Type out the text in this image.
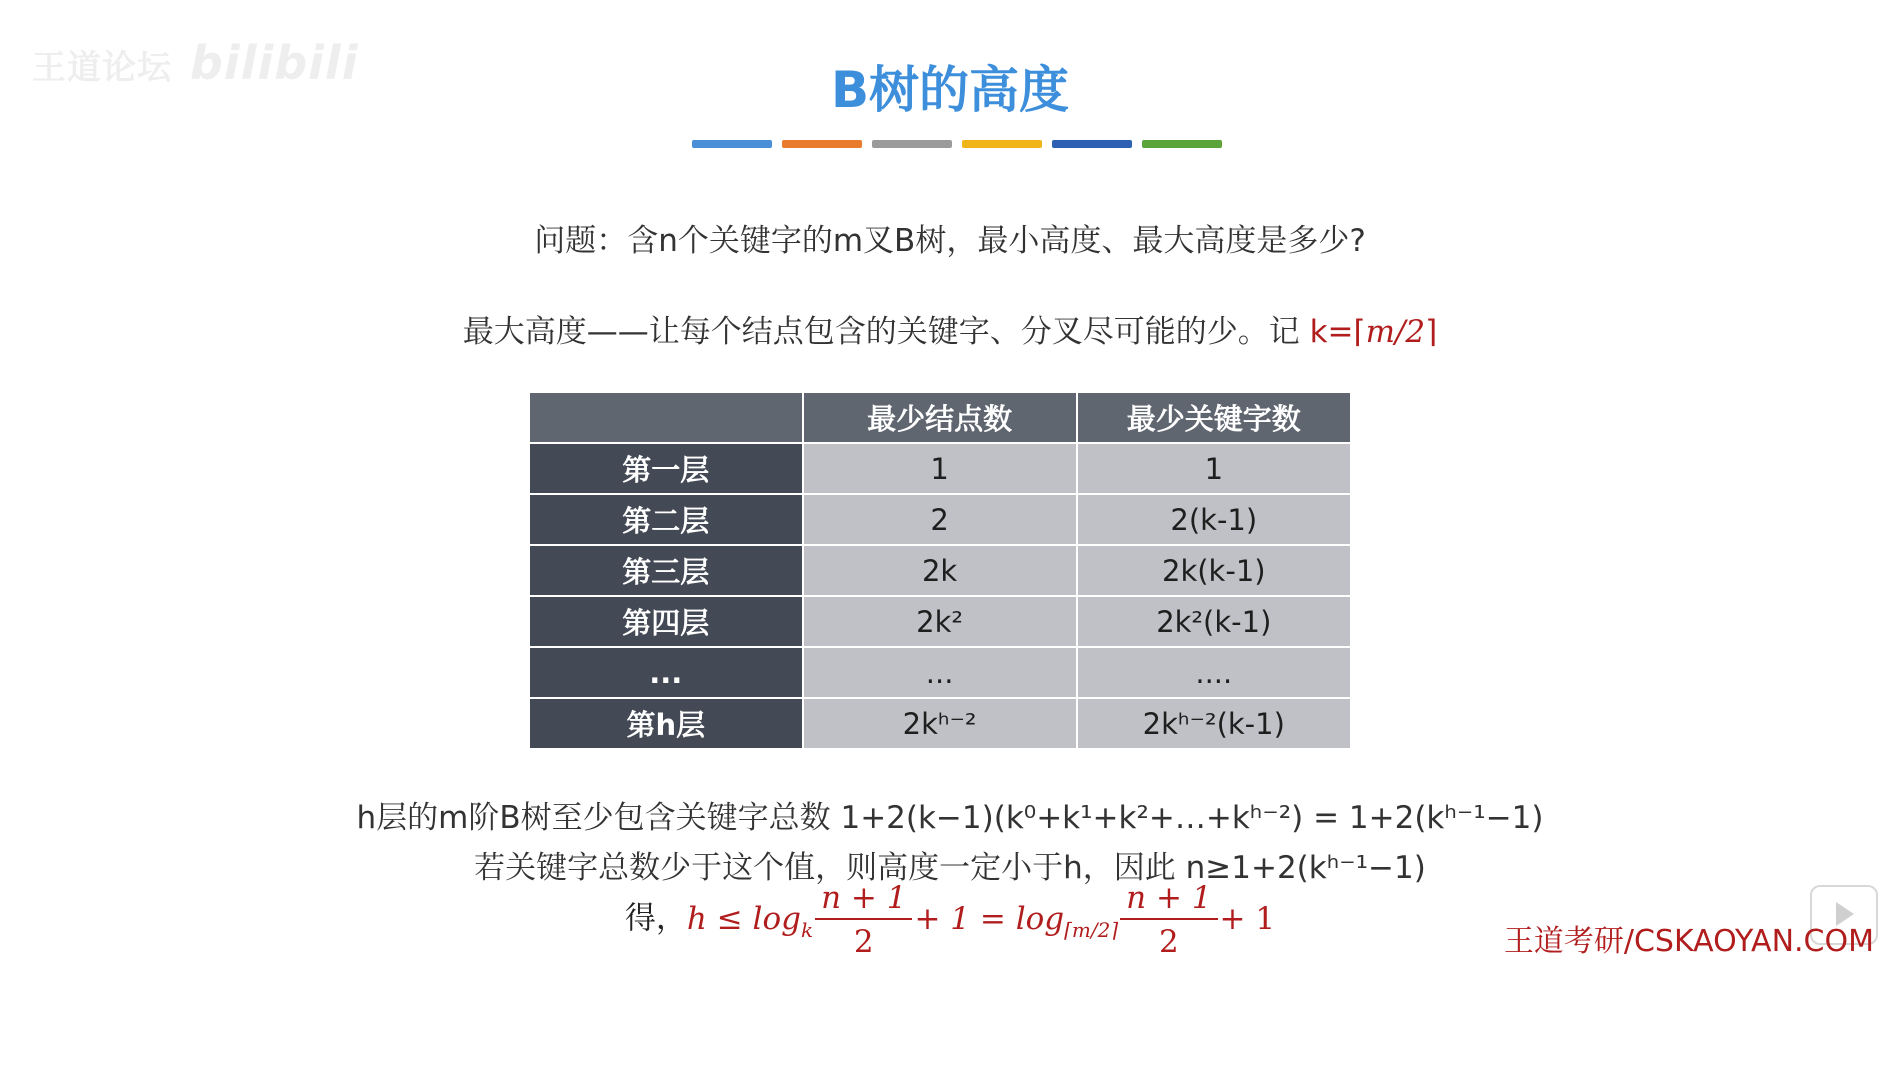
王道论坛 bilibili	B树的高度
问题：含n个关键字的m叉B树，最小高度、最大高度是多少?
最大高度——让每个结点包含的关键字、分叉尽可能的少。记 k=⌈m/2⌉
	最少结点数	最少关键字数
第一层	1	1
第二层	2	2(k-1)
第三层	2k	2k(k-1)
第四层	2k²	2k²(k-1)
...	...	....
第h层	2kʰ⁻²	2kʰ⁻²(k-1)
h层的m阶B树至少包含关键字总数 1+2(k−1)(k⁰+k¹+k²+…+kʰ⁻²) = 1+2(kʰ⁻¹−1)
若关键字总数少于这个值，则高度一定小于h，因此 n≥1+2(kʰ⁻¹−1)
得，$h \le \log_k \frac{n + 1}{2} + 1 = \log_{⌈m/2⌉} \frac{n + 1}{2} + 1$
王道考研/CSKAOYAN.COM
